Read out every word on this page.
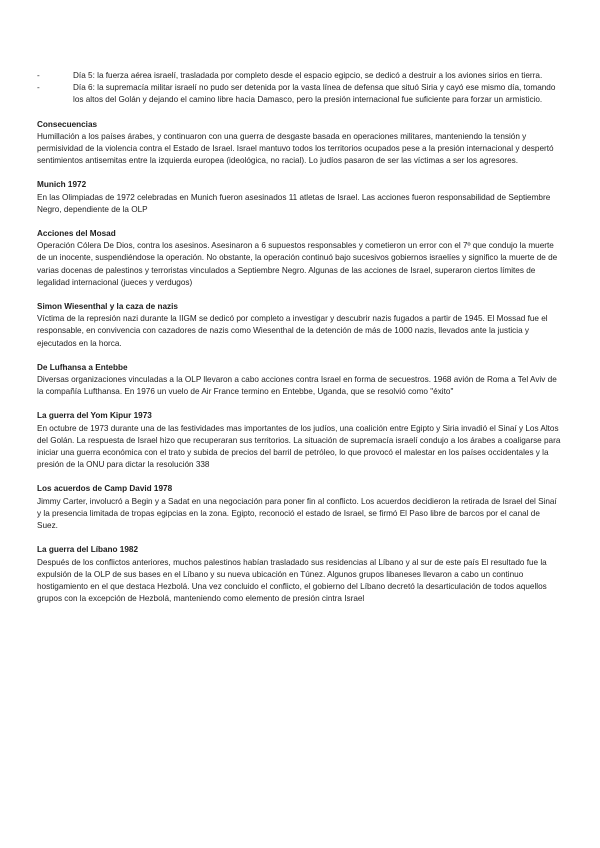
-	Día 5: la fuerza aérea israelí, trasladada por completo desde el espacio egipcio, se dedicó a destruir a los aviones sirios en tierra.

-	Día 6: la supremacía militar israelí no pudo ser detenida por la vasta línea de defensa que situó Siria y cayó ese mismo día, tomando los altos del Golán y dejando el camino libre hacia Damasco, pero la presión internacional fue suficiente para forzar un armisticio.

Consecuencias

Humillación a los países árabes, y continuaron con una guerra de desgaste basada en operaciones militares, manteniendo la tensión y permisividad de la violencia contra el Estado de Israel. Israel mantuvo todos los territorios ocupados pese a la presión internacional y despertó sentimientos antisemitas entre la izquierda europea (ideológica, no racial). Lo judíos pasaron de ser las víctimas a ser los agresores.

Munich 1972

En las Olimpiadas de 1972 celebradas en Munich fueron asesinados 11 atletas de Israel. Las acciones fueron responsabilidad de Septiembre Negro, dependiente de la OLP

Acciones del Mosad

Operación Cólera De Dios, contra los asesinos. Asesinaron a 6 supuestos responsables y cometieron un error con el 7º que condujo la muerte de un inocente, suspendiéndose la operación. No obstante, la operación continuó bajo sucesivos gobiernos israelíes y significo la muerte de de varias docenas de palestinos y terroristas vinculados a Septiembre Negro. Algunas de las acciones de Israel, superaron ciertos límites de legalidad internacional (jueces y verdugos)

Simon Wiesenthal y la caza de nazis

Víctima de la represión nazi durante la IIGM se dedicó por completo a investigar y descubrir nazis fugados a partir de 1945. El Mossad fue el responsable, en convivencia con cazadores de nazis como Wiesenthal de la detención de más de 1000 nazis, llevados ante la justicia y ejecutados en la horca.

De Lufhansa a Entebbe

Diversas organizaciones vinculadas a la OLP llevaron a cabo acciones contra Israel en forma de secuestros. 1968 avión de Roma a Tel Aviv de la compañía Lufthansa. En 1976 un vuelo de Air France termino en Entebbe, Uganda, que se resolvió como "éxito"

La guerra del Yom Kipur 1973

En octubre de 1973 durante una de las festividades mas importantes de los judíos, una coalición entre Egipto y Siria invadió el Sinaí y Los Altos del Golán. La respuesta de Israel hizo que recuperaran sus territorios. La situación de supremacía israelí condujo a los árabes a coaligarse para iniciar una guerra económica con el trato y subida de precios del barril de petróleo, lo que provocó el malestar en los países occidentales y la presión de la ONU para dictar la resolución 338

Los acuerdos de Camp David 1978

Jimmy Carter, involucró a Begin y a Sadat en una negociación para poner fin al conflicto. Los acuerdos decidieron la retirada de Israel del Sinaí y la presencia limitada de tropas egipcias en la zona. Egipto, reconoció el estado de Israel, se firmó El Paso libre de barcos por el canal de Suez.

La guerra del Líbano 1982

Después de los conflictos anteriores, muchos palestinos habían trasladado sus residencias al Líbano y al sur de este país El resultado fue la expulsión de la OLP de sus bases en el Líbano y su nueva ubicación en Túnez. Algunos grupos libaneses llevaron a cabo un continuo hostigamiento en el que destaca Hezbolá. Una vez concluido el conflicto, el gobierno del Líbano decretó la desarticulación de todos aquellos grupos con la excepción de Hezbolá, manteniendo como elemento de presión cintra Israel
